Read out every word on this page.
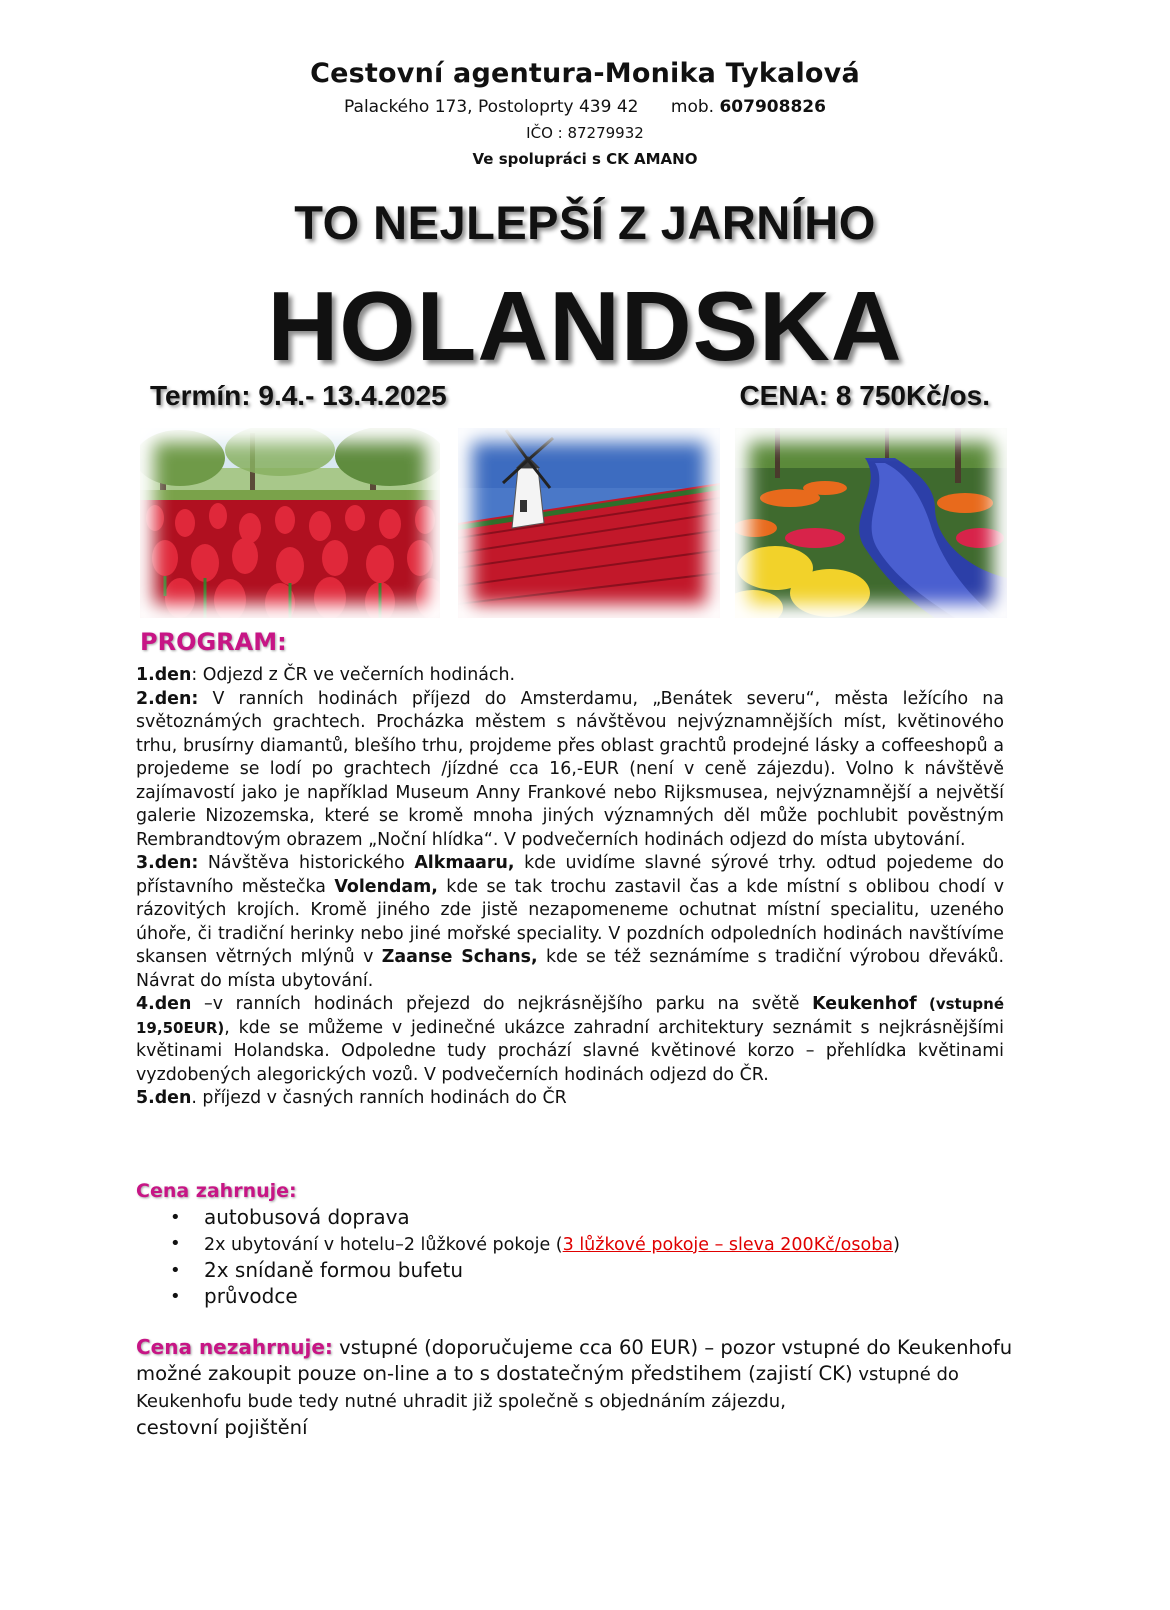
Cestovní agentura-Monika Tykalová
Palackého 173, Postoloprty 439 42 mob. 607908826
IČO : 87279932
Ve spolupráci s CK AMANO
TO NEJLEPŠÍ Z JARNÍHO
HOLANDSKA
Termín: 9.4.- 13.4.2025	CENA: 8 750Kč/os.
PROGRAM:

1.den: Odjezd z ČR ve večerních hodinách.

2.den: V ranních hodinách příjezd do Amsterdamu, „Benátek severu“, města ležícího na světoznámých grachtech. Procházka městem s návštěvou nejvýznamnějších míst, květinového trhu, brusírny diamantů, blešího trhu, projdeme přes oblast grachtů prodejné lásky a coffeeshopů a projedeme se lodí po grachtech /jízdné cca 16,-EUR (není v ceně zájezdu). Volno k návštěvě zajímavostí jako je například Museum Anny Frankové nebo Rijksmusea, nejvýznamnější a největší galerie Nizozemska, které se kromě mnoha jiných významných děl může pochlubit pověstným Rembrandtovým obrazem „Noční hlídka“. V podvečerních hodinách odjezd do místa ubytování.

3.den: Návštěva historického Alkmaaru, kde uvidíme slavné sýrové trhy. odtud pojedeme do přístavního městečka Volendam, kde se tak trochu zastavil čas a kde místní s oblibou chodí v rázovitých krojích. Kromě jiného zde jistě nezapomeneme ochutnat místní specialitu, uzeného úhoře, či tradiční herinky nebo jiné mořské speciality. V pozdních odpoledních hodinách navštívíme skansen větrných mlýnů v Zaanse Schans, kde se též seznámíme s tradiční výrobou dřeváků. Návrat do místa ubytování.

4.den –v ranních hodinách přejezd do nejkrásnějšího parku na světě Keukenhof (vstupné 19,50EUR), kde se můžeme v jedinečné ukázce zahradní architektury seznámit s nejkrásnějšími květinami Holandska. Odpoledne tudy prochází slavné květinové korzo – přehlídka květinami vyzdobených alegorických vozů. V podvečerních hodinách odjezd do ČR.

5.den. příjezd v časných ranních hodinách do ČR

Cena zahrnuje:
• autobusová doprava
• 2x ubytování v hotelu–2 lůžkové pokoje (3 lůžkové pokoje – sleva 200Kč/osoba)
• 2x snídaně formou bufetu
• průvodce
Cena nezahrnuje: vstupné (doporučujeme cca 60 EUR) – pozor vstupné do Keukenhofu možné zakoupit pouze on-line a to s dostatečným předstihem (zajistí CK) vstupné do Keukenhofu bude tedy nutné uhradit již společně s objednáním zájezdu,
cestovní pojištění
